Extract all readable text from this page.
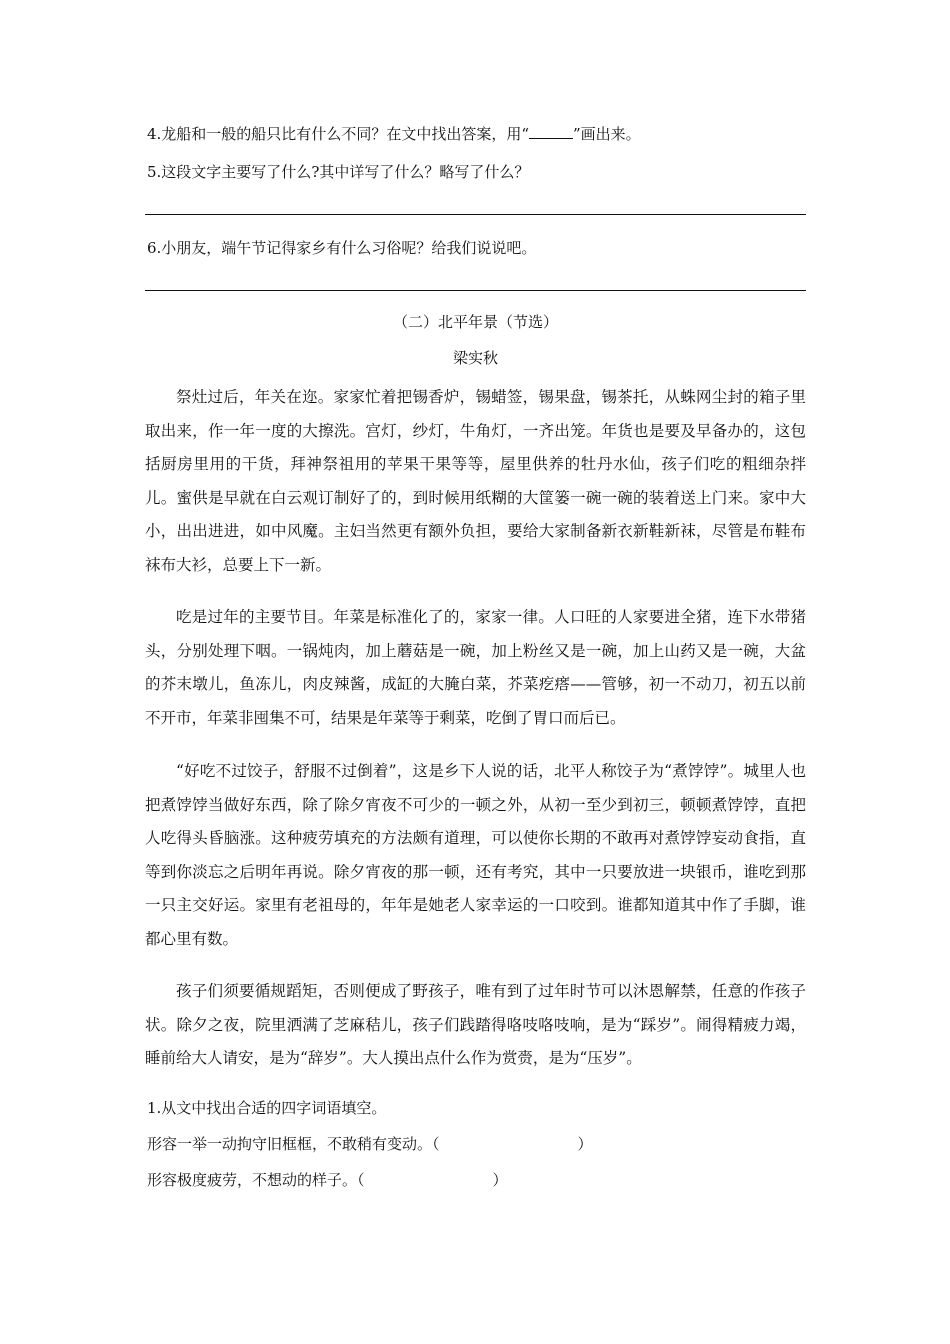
4.龙船和一般的船只比有什么不同？在文中找出答案，用“	”画出来。
5.这段文字主要写了什么?其中详写了什么？略写了什么？
6.小朋友，端午节记得家乡有什么习俗呢？给我们说说吧。
（二）北平年景（节选）
梁实秋

祭灶过后，年关在迩。家家忙着把锡香炉，锡蜡签，锡果盘，锡茶托，从蛛网尘封的箱子里取出来，作一年一度的大擦洗。宫灯，纱灯，牛角灯，一齐出笼。年货也是要及早备办的，这包括厨房里用的干货，拜神祭祖用的苹果干果等等，屋里供养的牡丹水仙，孩子们吃的粗细杂拌儿。蜜供是早就在白云观订制好了的，到时候用纸糊的大筐篓一碗一碗的装着送上门来。家中大小，出出进进，如中风魔。主妇当然更有额外负担，要给大家制备新衣新鞋新袜，尽管是布鞋布袜布大衫，总要上下一新。

吃是过年的主要节目。年菜是标准化了的，家家一律。人口旺的人家要进全猪，连下水带猪头，分别处理下咽。一锅炖肉，加上蘑菇是一碗，加上粉丝又是一碗，加上山药又是一碗，大盆的芥末墩儿，鱼冻儿，肉皮辣酱，成缸的大腌白菜，芥菜疙瘩——管够，初一不动刀，初五以前不开市，年菜非囤集不可，结果是年菜等于剩菜，吃倒了胃口而后已。

“好吃不过饺子，舒服不过倒着”，这是乡下人说的话，北平人称饺子为“煮饽饽”。城里人也把煮饽饽当做好东西，除了除夕宵夜不可少的一顿之外，从初一至少到初三，顿顿煮饽饽，直把人吃得头昏脑涨。这种疲劳填充的方法颇有道理，可以使你长期的不敢再对煮饽饽妄动食指，直等到你淡忘之后明年再说。除夕宵夜的那一顿，还有考究，其中一只要放进一块银币，谁吃到那一只主交好运。家里有老祖母的，年年是她老人家幸运的一口咬到。谁都知道其中作了手脚，谁都心里有数。

孩子们须要循规蹈矩，否则便成了野孩子，唯有到了过年时节可以沐恩解禁，任意的作孩子状。除夕之夜，院里洒满了芝麻秸儿，孩子们践踏得咯吱咯吱响，是为“踩岁”。闹得精疲力竭，睡前给大人请安，是为“辞岁”。大人摸出点什么作为赏赍，是为“压岁”。

1.从文中找出合适的四字词语填空。
形容一举一动拘守旧框框，不敢稍有变动。（	）
形容极度疲劳，不想动的样子。（	）
